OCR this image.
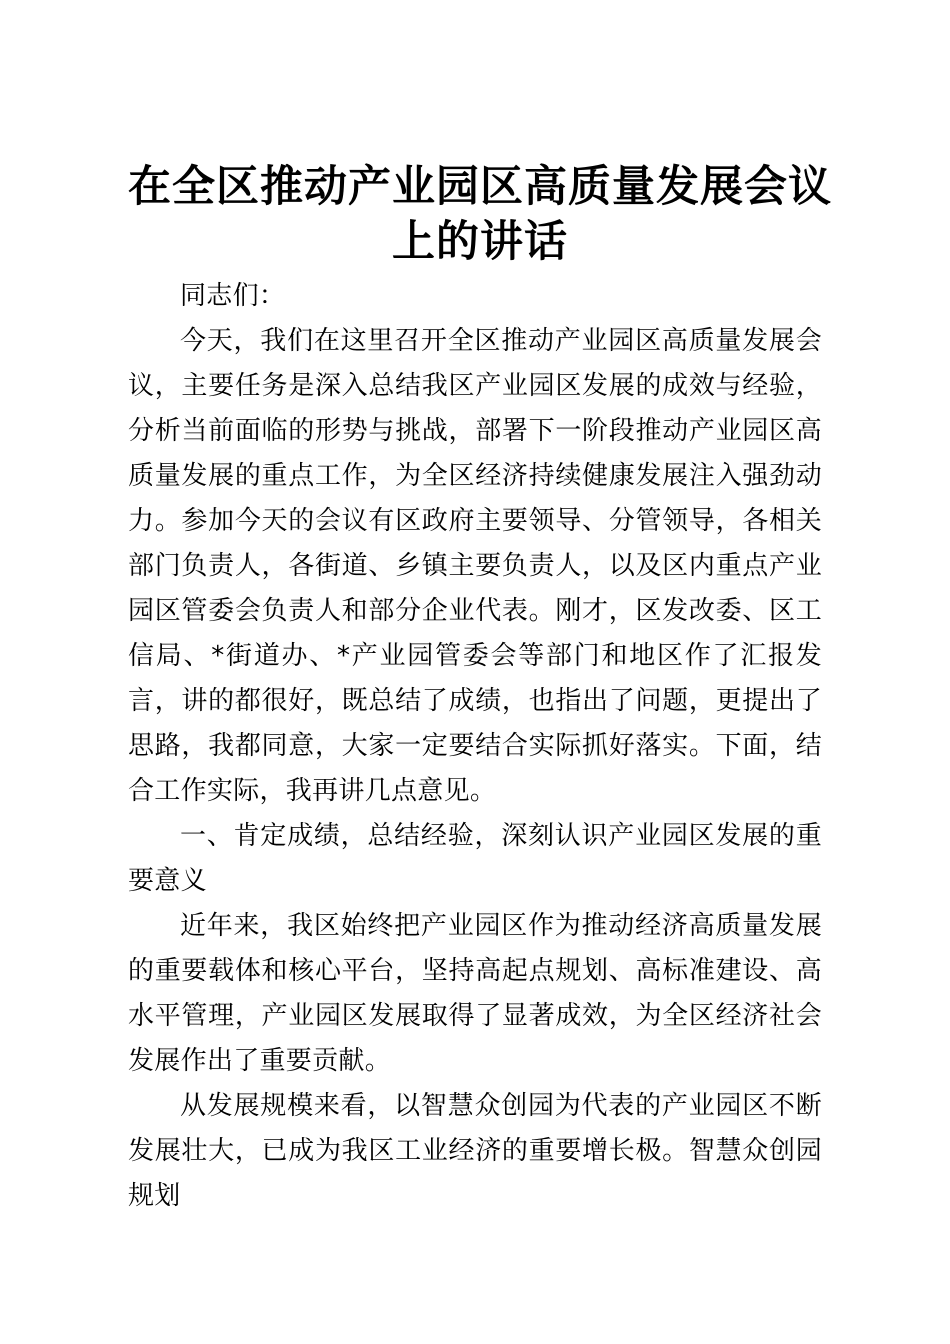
在全区推动产业园区高质量发展会议上的讲话

同志们：

今天，我们在这里召开全区推动产业园区高质量发展会议，主要任务是深入总结我区产业园区发展的成效与经验，分析当前面临的形势与挑战，部署下一阶段推动产业园区高质量发展的重点工作，为全区经济持续健康发展注入强劲动力。参加今天的会议有区政府主要领导、分管领导，各相关部门负责人，各街道、乡镇主要负责人，以及区内重点产业园区管委会负责人和部分企业代表。刚才，区发改委、区工信局、*街道办、*产业园管委会等部门和地区作了汇报发言，讲的都很好，既总结了成绩，也指出了问题，更提出了思路，我都同意，大家一定要结合实际抓好落实。下面，结合工作实际，我再讲几点意见。

一、肯定成绩，总结经验，深刻认识产业园区发展的重要意义

近年来，我区始终把产业园区作为推动经济高质量发展的重要载体和核心平台，坚持高起点规划、高标准建设、高水平管理，产业园区发展取得了显著成效，为全区经济社会发展作出了重要贡献。

从发展规模来看，以智慧众创园为代表的产业园区不断发展壮大，已成为我区工业经济的重要增长极。智慧众创园规划
